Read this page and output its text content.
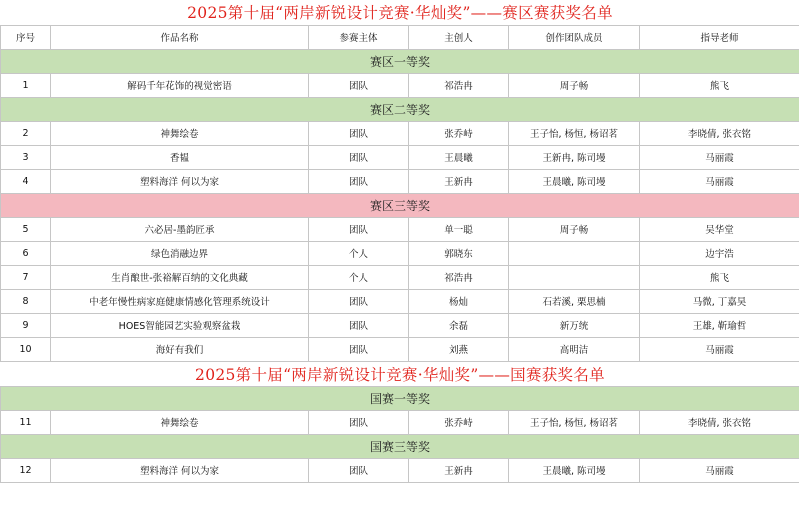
2025第十届“两岸新锐设计竞赛·华灿奖”——赛区赛获奖名单					
序号	作品名称	参赛主体	主创人	创作团队成员	指导老师
赛区一等奖					
1	解码千年花饰的视觉密语	团队	祁浩冉	周子畅	熊飞
赛区二等奖					
2	神舞绘卷	团队	张乔峙	王子怡, 杨恒, 杨诏茗	李晓倩, 张衣铭
3	香韫	团队	王晨曦	王新冉, 陈司墁	马丽霞
4	塑料海洋 何以为家	团队	王新冉	王晨曦, 陈司墁	马丽霞
赛区三等奖					
5	六必居-墨韵匠承	团队	单一聪	周子畅	吴华堂
6	绿色消融边界	个人	郭晓东		边宇浩
7	生肖酿世-张裕解百纳的文化典藏	个人	祁浩冉		熊飞
8	中老年慢性病家庭健康情感化管理系统设计	团队	杨灿	石若溪, 栗思楠	马微, 丁嘉昊
9	HOES智能园艺实验观察盆栽	团队	余磊	新万统	王雄, 靳瑜哲
10	海好有我们	团队	刘燕	高明洁	马丽霞
2025第十届“两岸新锐设计竞赛·华灿奖”——国赛获奖名单					
国赛一等奖					
11	神舞绘卷	团队	张乔峙	王子怡, 杨恒, 杨诏茗	李晓倩, 张衣铭
国赛三等奖					
12	塑料海洋 何以为家	团队	王新冉	王晨曦, 陈司墁	马丽霞
